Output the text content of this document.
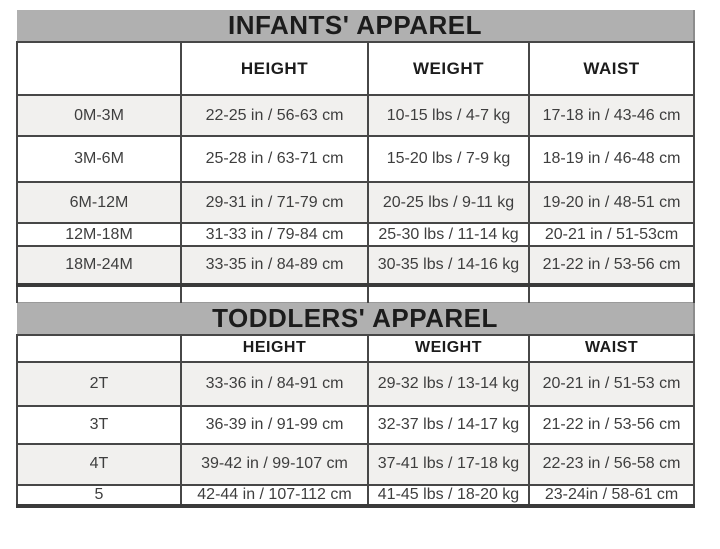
INFANTS' APPAREL			
	HEIGHT	WEIGHT	WAIST
0M-3M	22-25 in / 56-63 cm	10-15 lbs / 4-7 kg	17-18 in / 43-46 cm
3M-6M	25-28 in / 63-71 cm	15-20 lbs / 7-9 kg	18-19 in / 46-48 cm
6M-12M	29-31 in / 71-79 cm	20-25 lbs / 9-11 kg	19-20 in / 48-51 cm
12M-18M	31-33 in / 79-84 cm	25-30 lbs / 11-14 kg	20-21 in / 51-53cm
18M-24M	33-35 in / 84-89 cm	30-35 lbs / 14-16 kg	21-22 in / 53-56 cm

TODDLERS' APPAREL			
	HEIGHT	WEIGHT	WAIST
2T	33-36 in / 84-91 cm	29-32 lbs / 13-14 kg	20-21 in / 51-53 cm
3T	36-39 in / 91-99 cm	32-37 lbs / 14-17 kg	21-22 in / 53-56 cm
4T	39-42 in / 99-107 cm	37-41 lbs / 17-18 kg	22-23 in / 56-58 cm
5	42-44 in / 107-112 cm	41-45 lbs / 18-20 kg	23-24in / 58-61 cm
